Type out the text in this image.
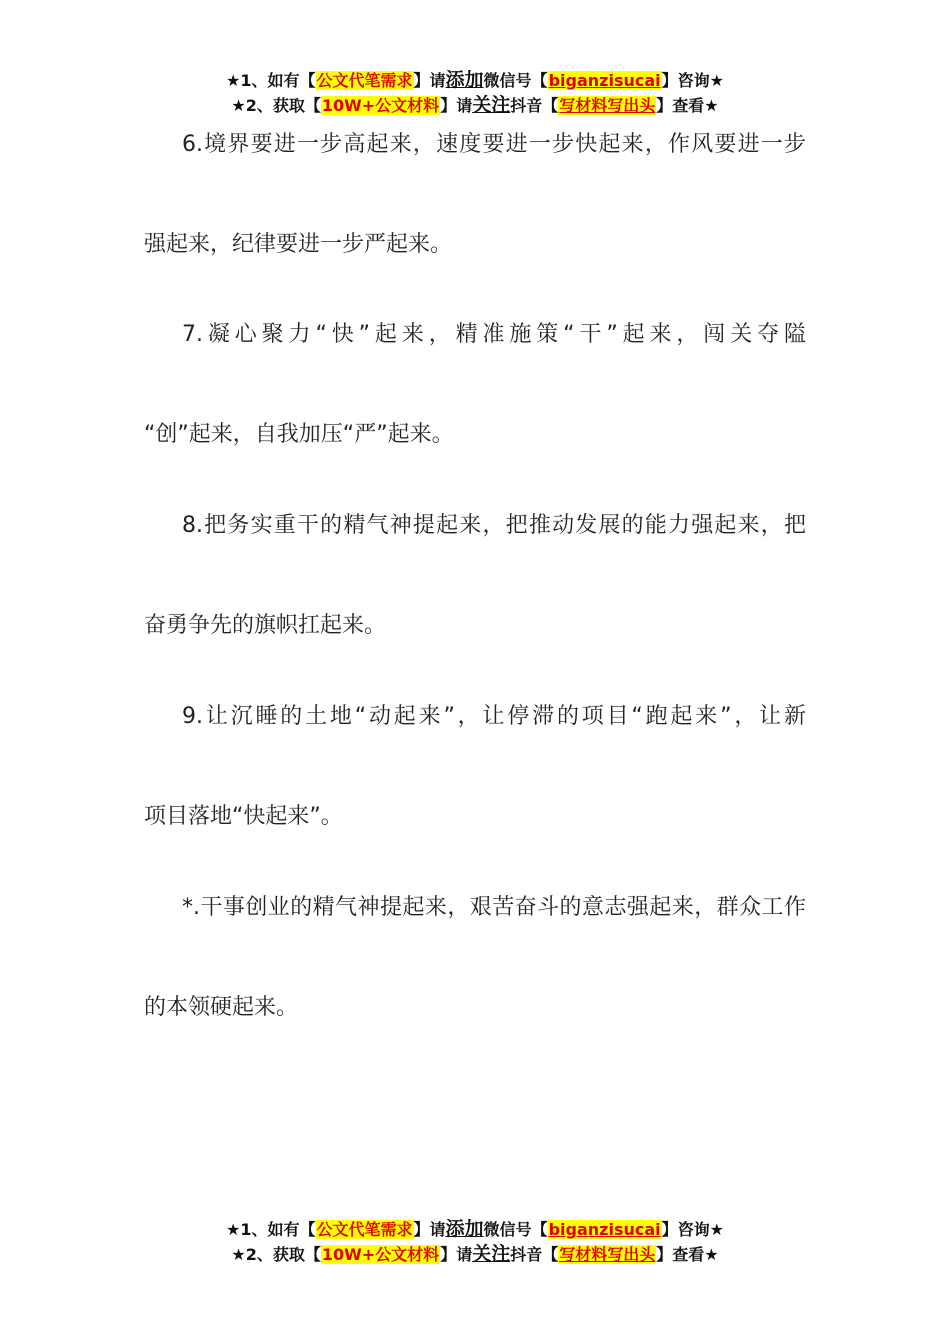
★1、如有【公文代笔需求】请添加微信号【biganzisucai】咨询★
★2、获取【10W+公文材料】请关注抖音【写材料写出头】查看★
6.境界要进一步高起来，速度要进一步快起来，作风要进一步
强起来，纪律要进一步严起来。
7.凝心聚力“快”起来，精准施策“干”起来，闯关夺隘
“创”起来，自我加压“严”起来。
8.把务实重干的精气神提起来，把推动发展的能力强起来，把
奋勇争先的旗帜扛起来。
9.让沉睡的土地“动起来”，让停滞的项目“跑起来”，让新
项目落地“快起来”。
*.干事创业的精气神提起来，艰苦奋斗的意志强起来，群众工作
的本领硬起来。
★1、如有【公文代笔需求】请添加微信号【biganzisucai】咨询★
★2、获取【10W+公文材料】请关注抖音【写材料写出头】查看★
